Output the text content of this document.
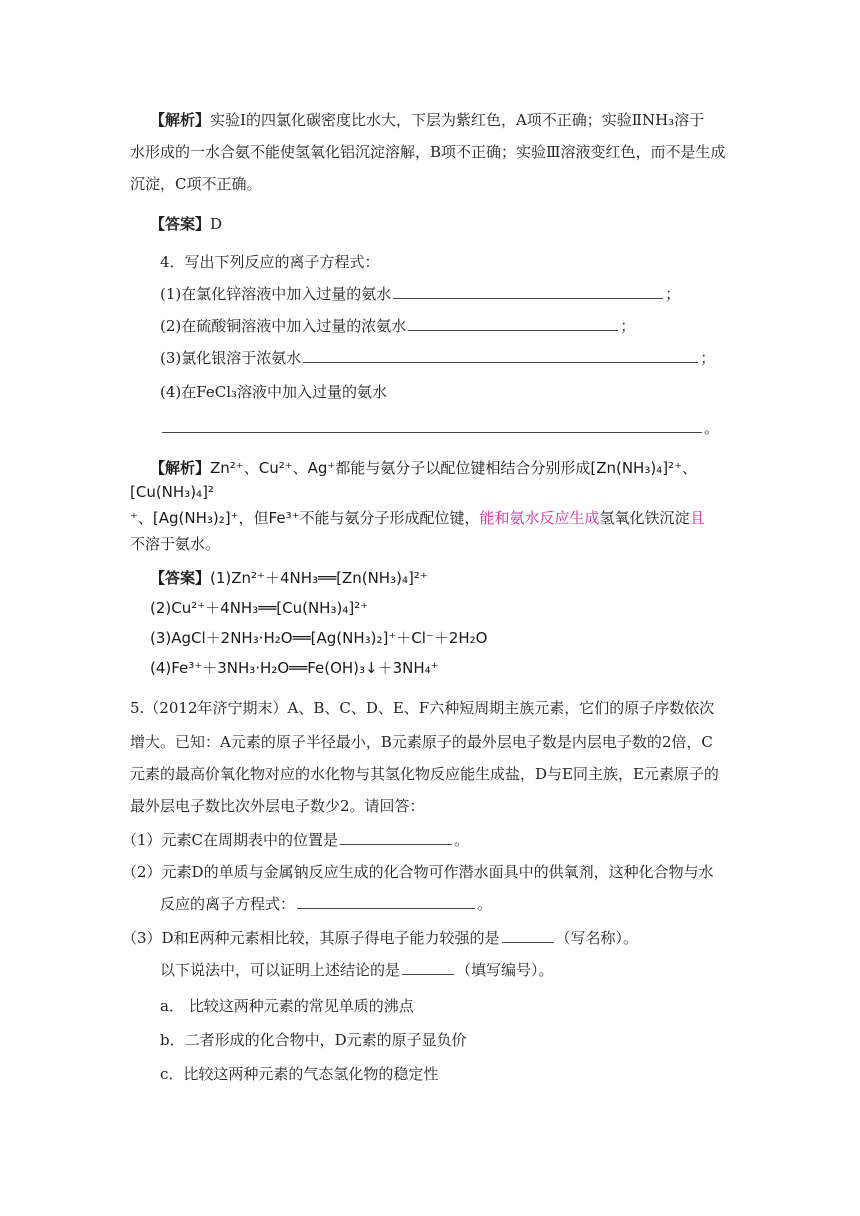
【解析】实验Ⅰ的四氯化碳密度比水大，下层为紫红色，A项不正确；实验ⅡNH₃溶于
水形成的一水合氨不能使氢氧化铝沉淀溶解，B项不正确；实验Ⅲ溶液变红色，而不是生成
沉淀，C项不正确。
【答案】D
4．写出下列反应的离子方程式：
(1)在氯化锌溶液中加入过量的氨水	；
(2)在硫酸铜溶液中加入过量的浓氨水	；
(3)氯化银溶于浓氨水	；
(4)在FeCl₃溶液中加入过量的氨水
。
【解析】Zn²⁺、Cu²⁺、Ag⁺都能与氨分子以配位键相结合分别形成[Zn(NH₃)₄]²⁺、
[Cu(NH₃)₄]²
⁺、[Ag(NH₃)₂]⁺，但Fe³⁺不能与氨分子形成配位键，能和氨水反应生成氢氧化铁沉淀且
不溶于氨水。
【答案】(1)Zn²⁺＋4NH₃══[Zn(NH₃)₄]²⁺
(2)Cu²⁺＋4NH₃══[Cu(NH₃)₄]²⁺
(3)AgCl＋2NH₃·H₂O══[Ag(NH₃)₂]⁺＋Cl⁻＋2H₂O
(4)Fe³⁺＋3NH₃·H₂O══Fe(OH)₃↓＋3NH₄⁺
5.（2012年济宁期末）A、B、C、D、E、F六种短周期主族元素，它们的原子序数依次
增大。已知：A元素的原子半径最小，B元素原子的最外层电子数是内层电子数的2倍，C
元素的最高价氧化物对应的水化物与其氢化物反应能生成盐，D与E同主族，E元素原子的
最外层电子数比次外层电子数少2。请回答：
（1）元素C在周期表中的位置是	。
（2）元素D的单质与金属钠反应生成的化合物可作潜水面具中的供氧剂，这种化合物与水
反应的离子方程式：	。
（3）D和E两种元素相比较，其原子得电子能力较强的是	（写名称）。
以下说法中，可以证明上述结论的是	（填写编号）。
a． 比较这两种元素的常见单质的沸点
b．二者形成的化合物中，D元素的原子显负价
c．比较这两种元素的气态氢化物的稳定性
